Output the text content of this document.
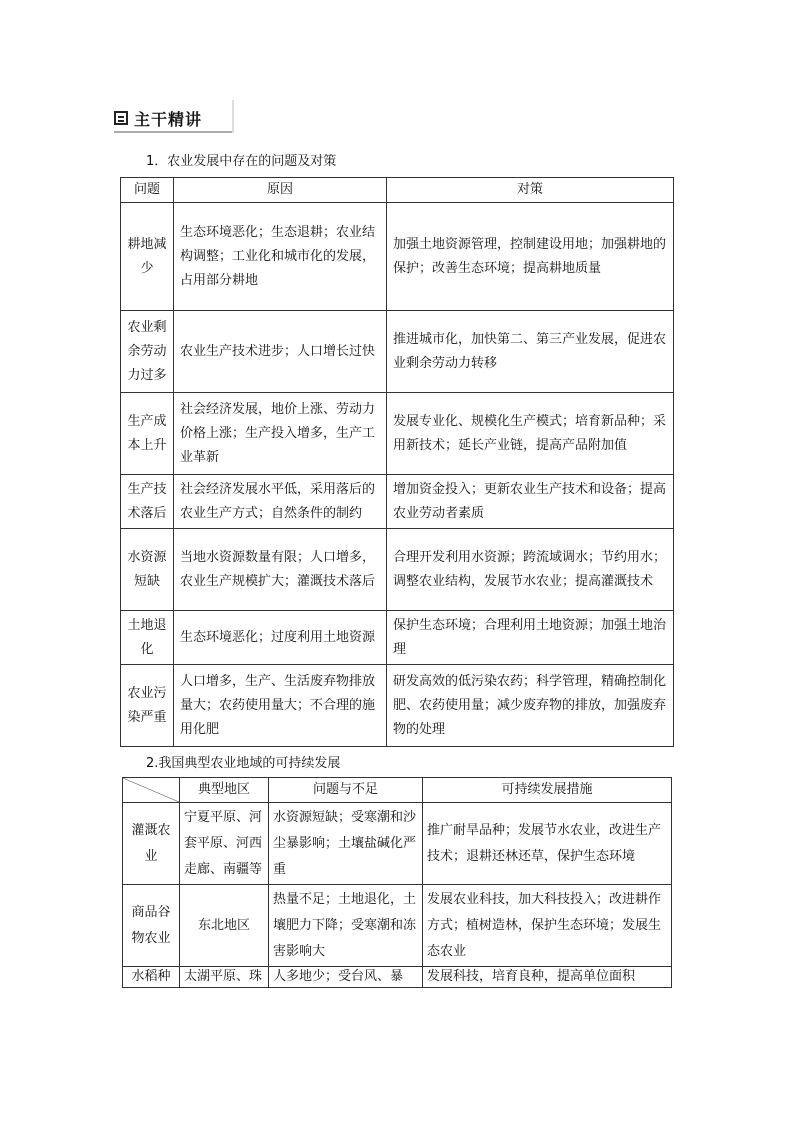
主干精讲
1．农业发展中存在的问题及对策
问题	原因	对策
耕地减少	生态环境恶化；生态退耕；农业结构调整；工业化和城市化的发展，占用部分耕地	加强土地资源管理，控制建设用地；加强耕地的保护；改善生态环境；提高耕地质量
农业剩余劳动力过多	农业生产技术进步；人口增长过快	推进城市化，加快第二、第三产业发展，促进农业剩余劳动力转移
生产成本上升	社会经济发展，地价上涨、劳动力价格上涨；生产投入增多，生产工业革新	发展专业化、规模化生产模式；培育新品种；采用新技术；延长产业链，提高产品附加值
生产技术落后	社会经济发展水平低，采用落后的农业生产方式；自然条件的制约	增加资金投入；更新农业生产技术和设备；提高农业劳动者素质
水资源短缺	当地水资源数量有限；人口增多，农业生产规模扩大；灌溉技术落后	合理开发利用水资源；跨流域调水；节约用水；调整农业结构，发展节水农业；提高灌溉技术
土地退化	生态环境恶化；过度利用土地资源	保护生态环境；合理利用土地资源；加强土地治理
农业污染严重	人口增多，生产、生活废弃物排放量大；农药使用量大；不合理的施用化肥	研发高效的低污染农药；科学管理，精确控制化肥、农药使用量；减少废弃物的排放，加强废弃物的处理
2.我国典型农业地域的可持续发展
	典型地区	问题与不足	可持续发展措施
灌溉农业	宁夏平原、河套平原、河西走廊、南疆等	水资源短缺；受寒潮和沙尘暴影响；土壤盐碱化严重	推广耐旱品种；发展节水农业，改进生产技术；退耕还林还草，保护生态环境
商品谷物农业	东北地区	热量不足；土地退化，土壤肥力下降；受寒潮和冻害影响大	发展农业科技，加大科技投入；改进耕作方式；植树造林，保护生态环境；发展生态农业

水稻种	太湖平原、珠	人多地少；受台风、暴	发展科技，培育良种，提高单位面积
